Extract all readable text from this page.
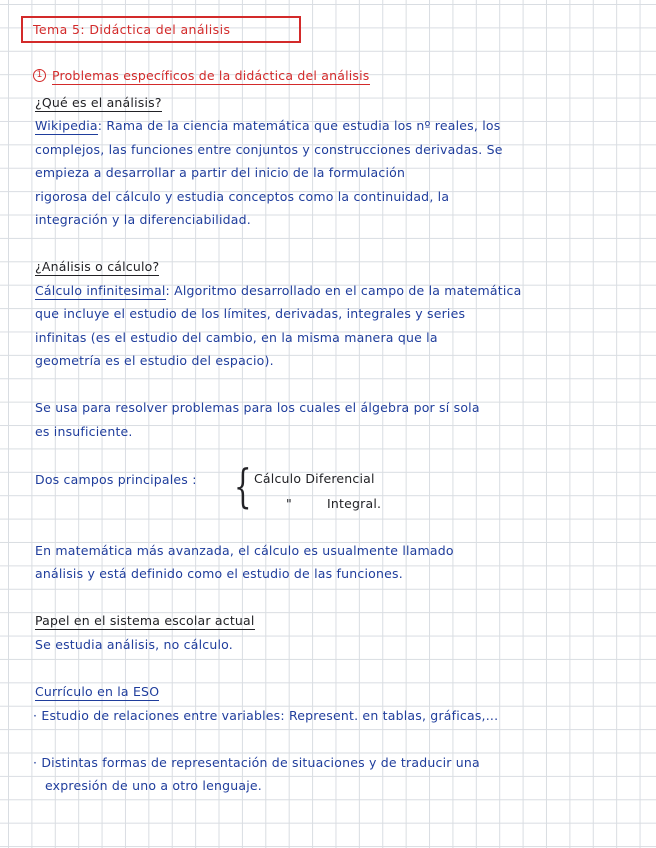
Tema 5: Didáctica del análisis
1 Problemas específicos de la didáctica del análisis
¿Qué es el análisis?
Wikipedia: Rama de la ciencia matemática que estudia los nº reales, los
complejos, las funciones entre conjuntos y construcciones derivadas. Se
empieza a desarrollar a partir del inicio de la formulación
rigorosa del cálculo y estudia conceptos como la continuidad, la
integración y la diferenciabilidad.
¿Análisis o cálculo?
Cálculo infinitesimal: Algoritmo desarrollado en el campo de la matemática
que incluye el estudio de los límites, derivadas, integrales y series
infinitas (es el estudio del cambio, en la misma manera que la
geometría es el estudio del espacio).
Se usa para resolver problemas para los cuales el álgebra por sí sola
es insuficiente.
Dos campos principales : { Cálculo Diferencial
"	Integral.
En matemática más avanzada, el cálculo es usualmente llamado
análisis y está definido como el estudio de las funciones.
Papel en el sistema escolar actual
Se estudia análisis, no cálculo.
Currículo en la ESO
· Estudio de relaciones entre variables: Represent. en tablas, gráficas,...
· Distintas formas de representación de situaciones y de traducir una
expresión de uno a otro lenguaje.
